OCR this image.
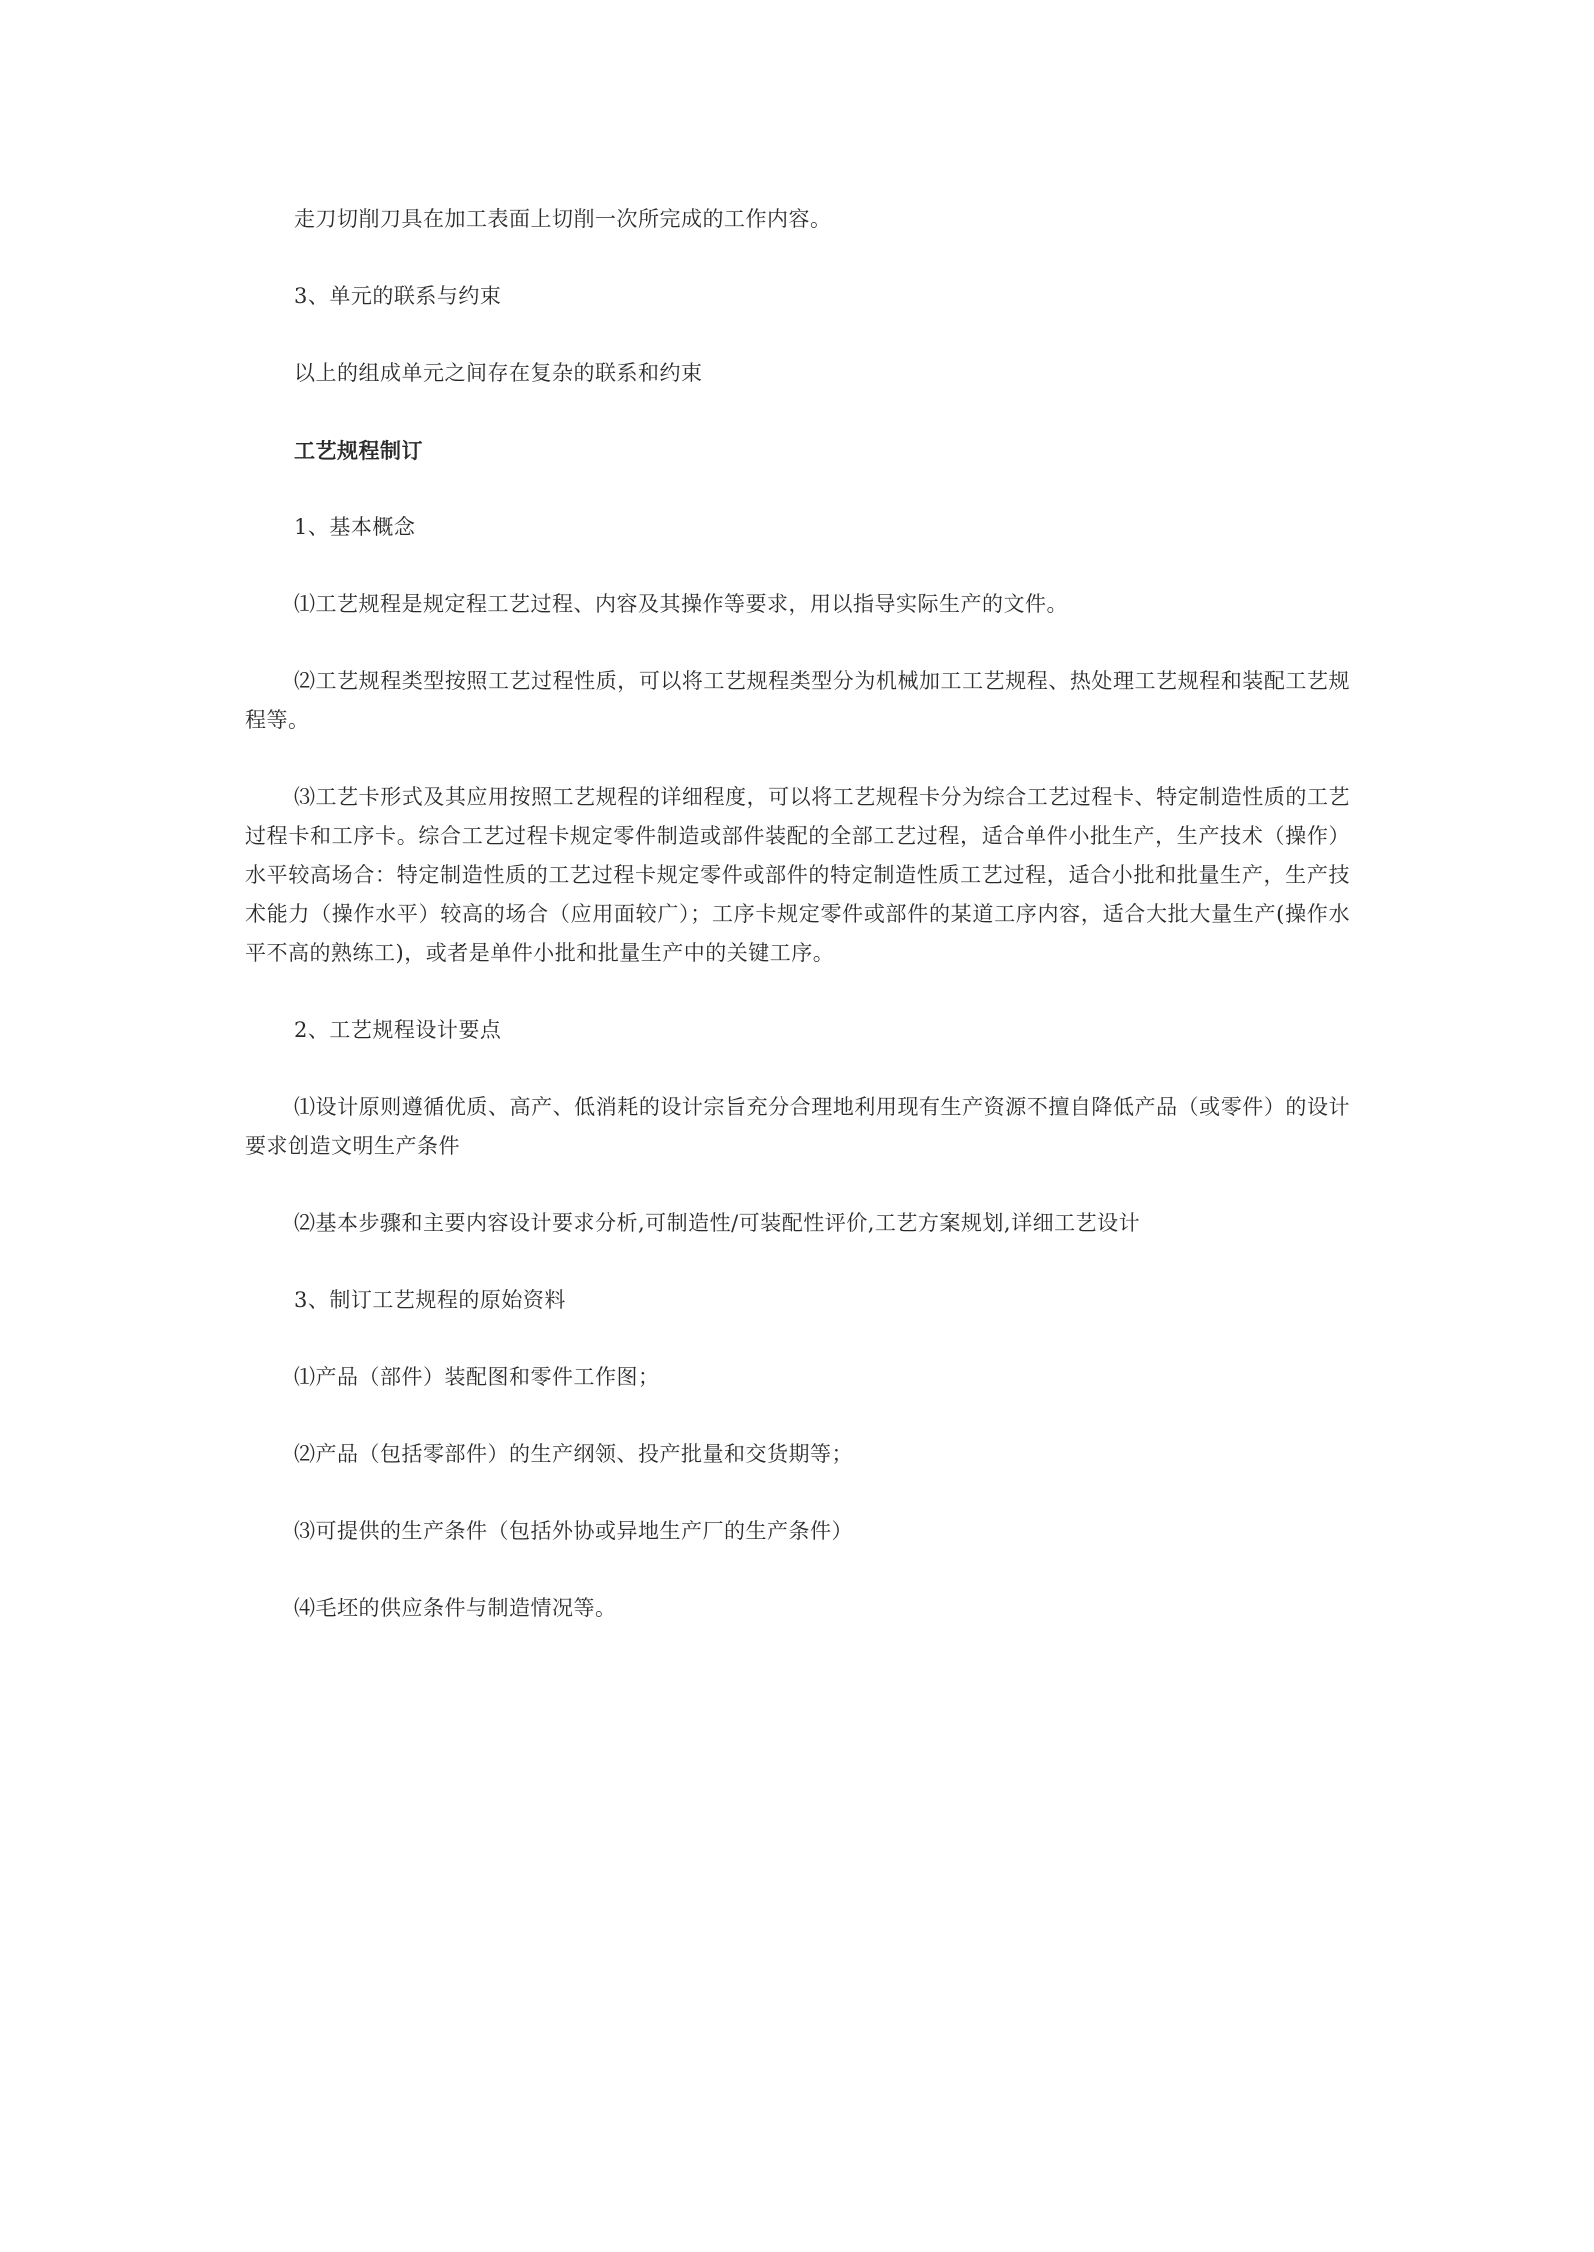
走刀切削刀具在加工表面上切削一次所完成的工作内容。

3、单元的联系与约束

以上的组成单元之间存在复杂的联系和约束

工艺规程制订

1、基本概念

⑴工艺规程是规定程工艺过程、内容及其操作等要求，用以指导实际生产的文件。

⑵工艺规程类型按照工艺过程性质，可以将工艺规程类型分为机械加工工艺规程、热处理工艺规程和装配工艺规程等。

⑶工艺卡形式及其应用按照工艺规程的详细程度，可以将工艺规程卡分为综合工艺过程卡、特定制造性质的工艺过程卡和工序卡。综合工艺过程卡规定零件制造或部件装配的全部工艺过程，适合单件小批生产，生产技术（操作）水平较高场合：特定制造性质的工艺过程卡规定零件或部件的特定制造性质工艺过程，适合小批和批量生产，生产技术能力（操作水平）较高的场合（应用面较广）；工序卡规定零件或部件的某道工序内容，适合大批大量生产(操作水平不高的熟练工)，或者是单件小批和批量生产中的关键工序。

2、工艺规程设计要点

⑴设计原则遵循优质、高产、低消耗的设计宗旨充分合理地利用现有生产资源不擅自降低产品（或零件）的设计要求创造文明生产条件

⑵基本步骤和主要内容设计要求分析,可制造性/可装配性评价,工艺方案规划,详细工艺设计

3、制订工艺规程的原始资料

⑴产品（部件）装配图和零件工作图；

⑵产品（包括零部件）的生产纲领、投产批量和交货期等；

⑶可提供的生产条件（包括外协或异地生产厂的生产条件）

⑷毛坯的供应条件与制造情况等。
